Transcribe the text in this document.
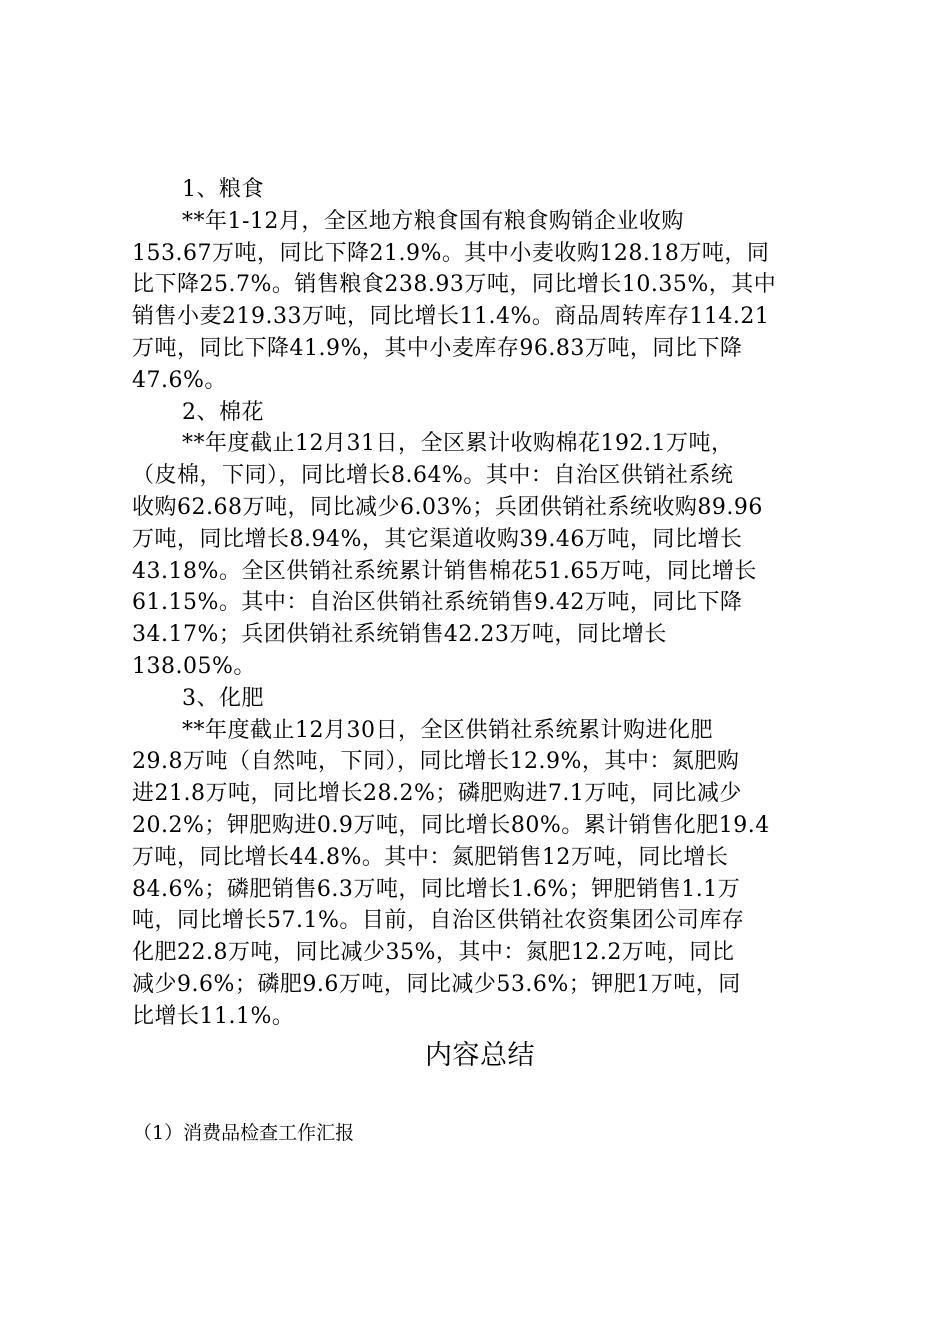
1、粮食
**年1-12月，全区地方粮食国有粮食购销企业收购
153.67万吨，同比下降21.9%。其中小麦收购128.18万吨，同
比下降25.7%。销售粮食238.93万吨，同比增长10.35%，其中
销售小麦219.33万吨，同比增长11.4%。商品周转库存114.21
万吨，同比下降41.9%，其中小麦库存96.83万吨，同比下降
47.6%。
2、棉花
**年度截止12月31日，全区累计收购棉花192.1万吨，
（皮棉，下同），同比增长8.64%。其中：自治区供销社系统
收购62.68万吨，同比减少6.03%；兵团供销社系统收购89.96
万吨，同比增长8.94%，其它渠道收购39.46万吨，同比增长
43.18%。全区供销社系统累计销售棉花51.65万吨，同比增长
61.15%。其中：自治区供销社系统销售9.42万吨，同比下降
34.17%；兵团供销社系统销售42.23万吨，同比增长
138.05%。
3、化肥
**年度截止12月30日，全区供销社系统累计购进化肥
29.8万吨（自然吨，下同），同比增长12.9%，其中：氮肥购
进21.8万吨，同比增长28.2%；磷肥购进7.1万吨，同比减少
20.2%；钾肥购进0.9万吨，同比增长80%。累计销售化肥19.4
万吨，同比增长44.8%。其中：氮肥销售12万吨，同比增长
84.6%；磷肥销售6.3万吨，同比增长1.6%；钾肥销售1.1万
吨，同比增长57.1%。目前，自治区供销社农资集团公司库存
化肥22.8万吨，同比减少35%，其中：氮肥12.2万吨，同比
减少9.6%；磷肥9.6万吨，同比减少53.6%；钾肥1万吨，同
比增长11.1%。
内容总结
（1）消费品检查工作汇报
